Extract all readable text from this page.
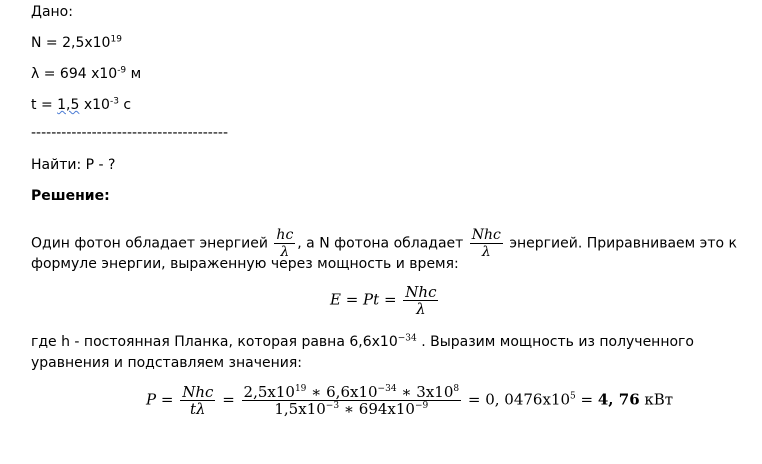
Дано:
$N = 2,5x10^{19}$
λ = 694 $x10^{-9}$ м
t = 1,5 $x10^{-3}$ с
---------------------------------------
Найти: Р - ?
Решение:
Один фотон обладает энергией $\frac{hc}{\lambda}$ , а N фотона обладает $\frac{\text{Nhc}}{\lambda}$ энергией. Приравниваем это к
формуле энергии, выраженную через мощность и время:
$E = Pt = \frac{\text{Nhc}}{\lambda}$
где h - постоянная Планка, которая равна $6,6x10^{-34}$ . Выразим мощность из полученного
уравнения и подставляем значения:
$P = \frac{\text{Nhc}}{t\lambda} = \frac{2,5x10^{19} ∗ 6,6x10^{-34} ∗ 3x10^8}{1,5x10^{-3} ∗ 694x10^{-9}} = 0$, $0476x10^5 = 4$, 76 кВт
